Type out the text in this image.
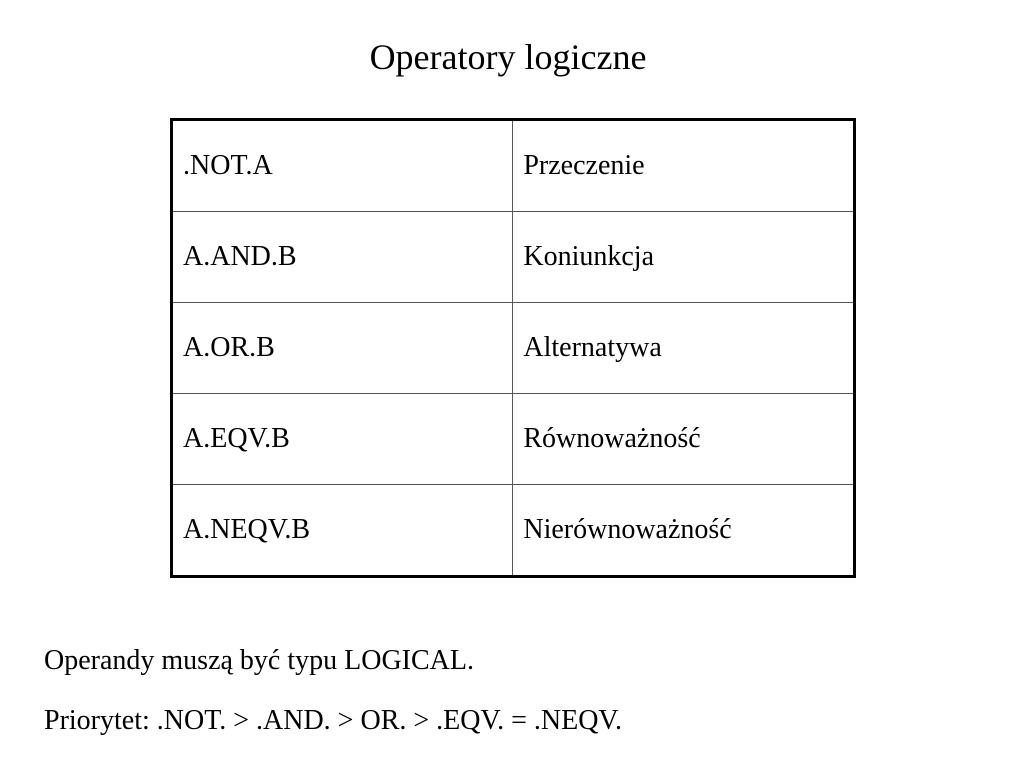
Operatory logiczne
.NOT.A	Przeczenie
A.AND.B	Koniunkcja
A.OR.B	Alternatywa
A.EQV.B	Równoważność
A.NEQV.B	Nierównoważność
Operandy muszą być typu LOGICAL.
Priorytet: .NOT. > .AND. > OR. > .EQV. = .NEQV.
